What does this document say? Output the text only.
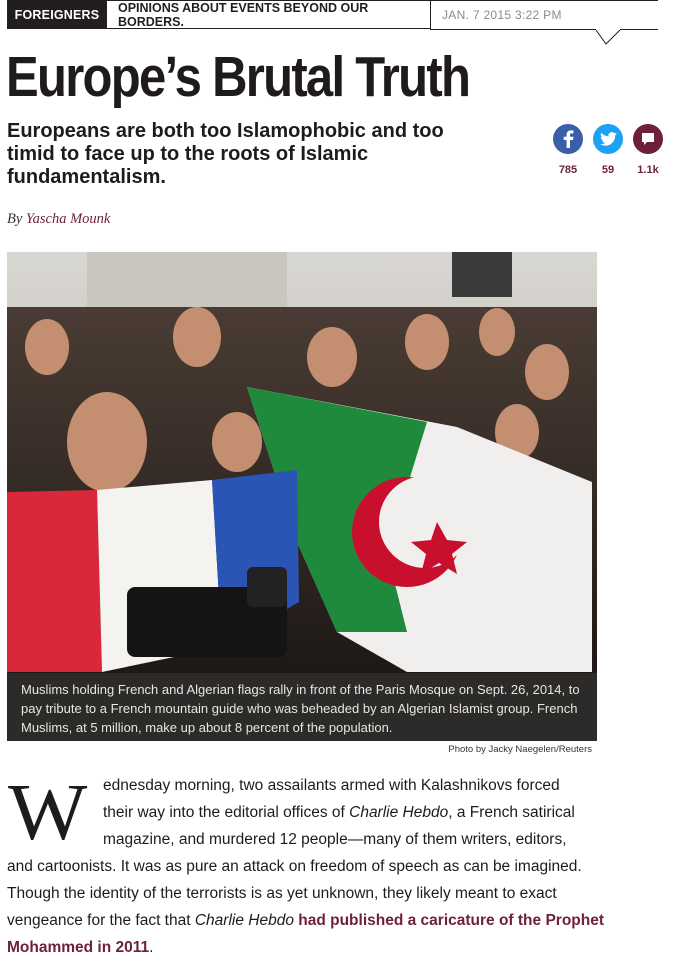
FOREIGNERS	OPINIONS ABOUT EVENTS BEYOND OUR BORDERS.	JAN. 7 2015 3:22 PM
Europe’s Brutal Truth

Europeans are both too Islamophobic and too timid to face up to the roots of Islamic fundamentalism.

By Yascha Mounk
785	59	1.1k
Muslims holding French and Algerian flags rally in front of the Paris Mosque on Sept. 26, 2014, to pay tribute to a French mountain guide who was beheaded by an Algerian Islamist group. French Muslims, at 5 million, make up about 8 percent of the population.
Photo by Jacky Naegelen/Reuters
W ednesday morning, two assailants armed with Kalashnikovs forced
their way into the editorial offices of Charlie Hebdo, a French satirical
magazine, and murdered 12 people—many of them writers, editors,
and cartoonists. It was as pure an attack on freedom of speech as can be imagined.
Though the identity of the terrorists is as yet unknown, they likely meant to exact
vengeance for the fact that Charlie Hebdo had published a caricature of the Prophet
Mohammed in 2011.
